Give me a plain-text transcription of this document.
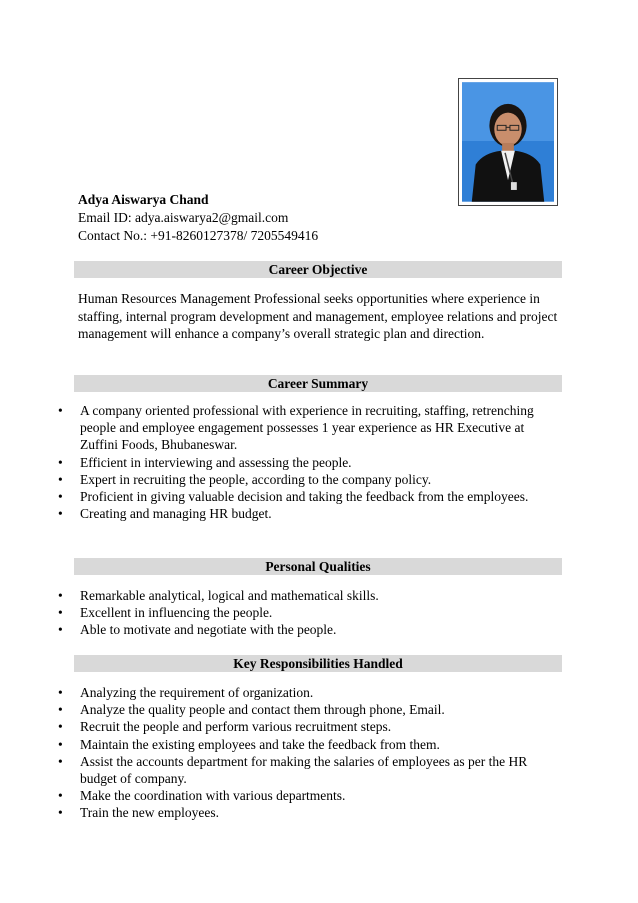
Adya Aiswarya Chand
Email ID: adya.aiswarya2@gmail.com
Contact No.: +91-8260127378/ 7205549416
Career Objective
Human Resources Management Professional seeks opportunities where experience in staffing, internal program development and management, employee relations and project management will enhance a company’s overall strategic plan and direction.
Career Summary
• A company oriented professional with experience in recruiting, staffing, retrenching people and employee engagement possesses 1 year experience as HR Executive at Zuffini Foods, Bhubaneswar.
• Efficient in interviewing and assessing the people.
• Expert in recruiting the people, according to the company policy.
• Proficient in giving valuable decision and taking the feedback from the employees.
• Creating and managing HR budget.
Personal Qualities
• Remarkable analytical, logical and mathematical skills.
• Excellent in influencing the people.
• Able to motivate and negotiate with the people.
Key Responsibilities Handled
• Analyzing the requirement of organization.
• Analyze the quality people and contact them through phone, Email.
• Recruit the people and perform various recruitment steps.
• Maintain the existing employees and take the feedback from them.
• Assist the accounts department for making the salaries of employees as per the HR budget of company.
• Make the coordination with various departments.
• Train the new employees.
